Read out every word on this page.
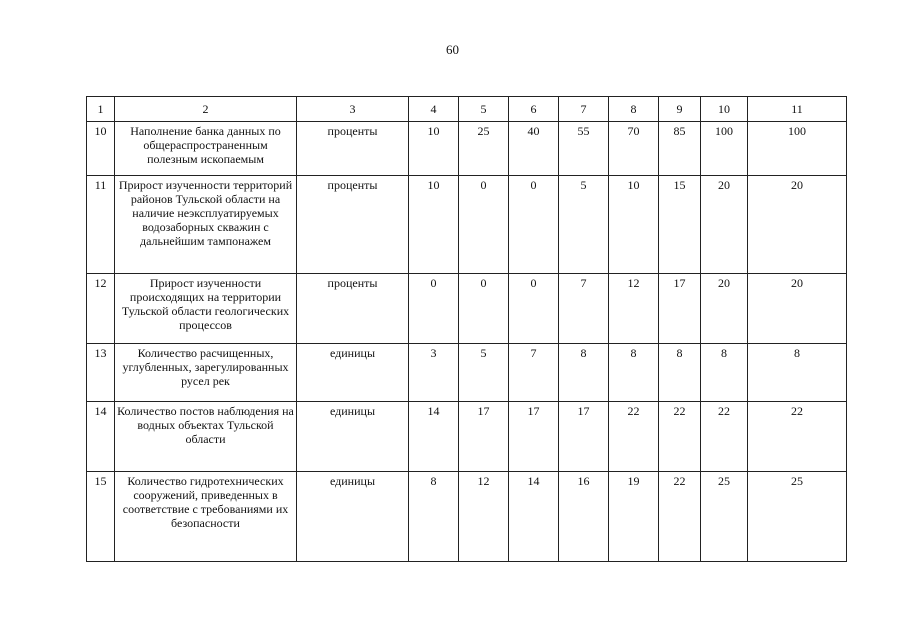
60
1	2	3	4	5	6	7	8	9	10	11
10	Наполнение банка данных по общераспространенным полезным ископаемым	проценты	10	25	40	55	70	85	100	100
11	Прирост изученности территорий районов Тульской области на наличие неэксплуатируемых водозаборных скважин с дальнейшим тампонажем	проценты	10	0	0	5	10	15	20	20
12	Прирост изученности происходящих на территории Тульской области геологических процессов	проценты	0	0	0	7	12	17	20	20
13	Количество расчищенных, углубленных, зарегулированных русел рек	единицы	3	5	7	8	8	8	8	8
14	Количество постов наблюдения на водных объектах Тульской области	единицы	14	17	17	17	22	22	22	22
15	Количество гидротехнических сооружений, приведенных в соответствие с требованиями их безопасности	единицы	8	12	14	16	19	22	25	25
